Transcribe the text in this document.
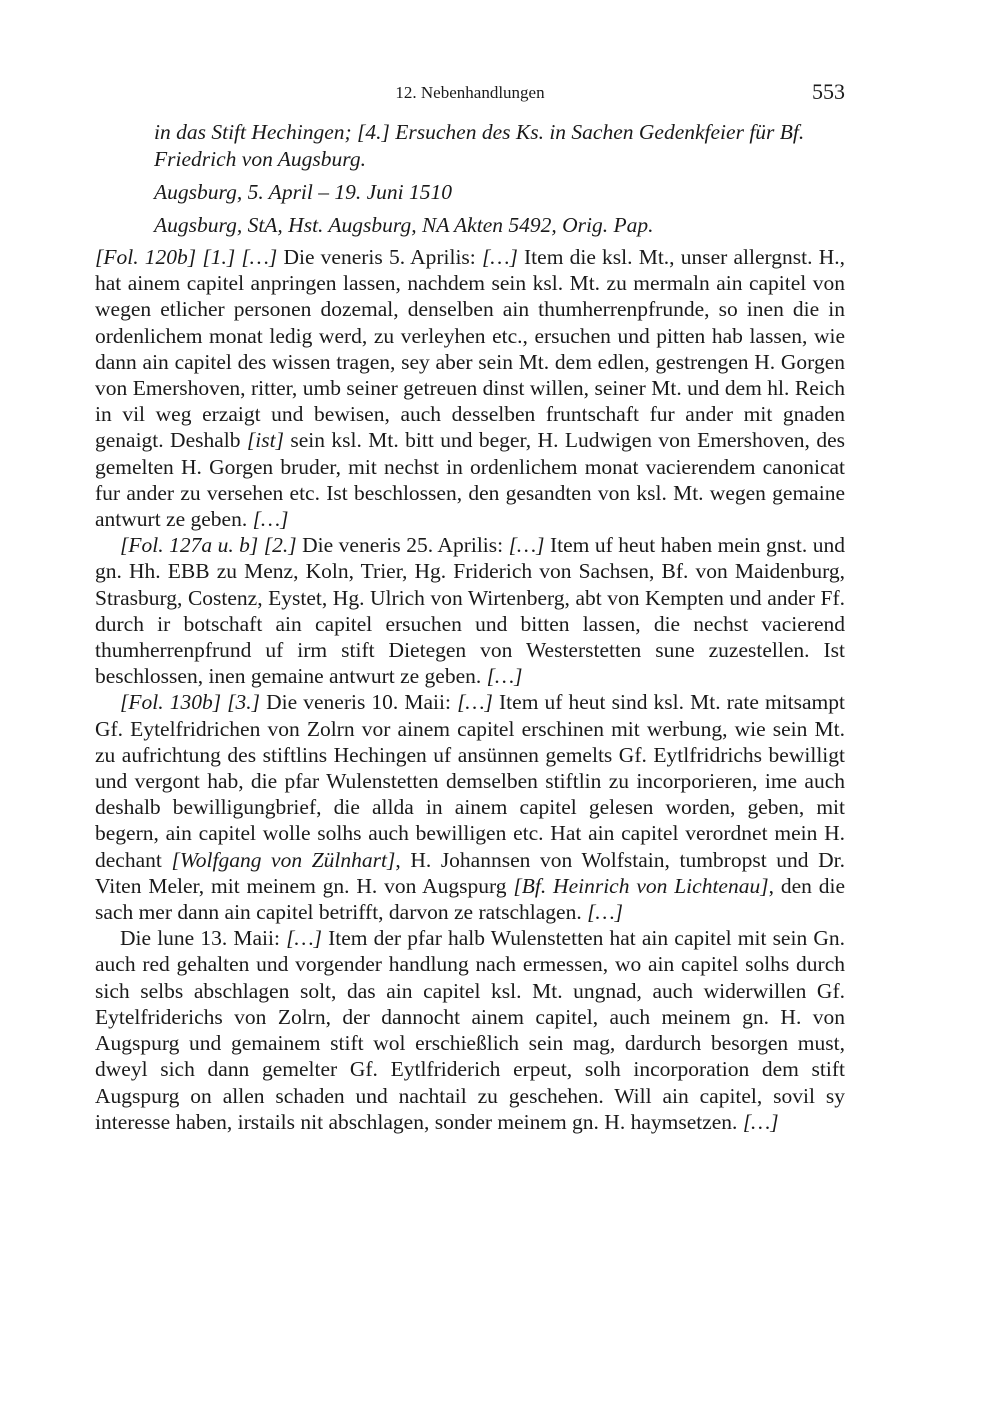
12. Nebenhandlungen	553

in das Stift Hechingen; [4.] Ersuchen des Ks. in Sachen Gedenkfeier für Bf. Friedrich von Augsburg.

Augsburg, 5. April – 19. Juni 1510

Augsburg, StA, Hst. Augsburg, NA Akten 5492, Orig. Pap.

[Fol. 120b] [1.] […] Die veneris 5. Aprilis: […] Item die ksl. Mt., unser allergnst. H., hat ainem capitel anpringen lassen, nachdem sein ksl. Mt. zu mermaln ain capitel von wegen etlicher personen dozemal, denselben ain thumherrenpfrunde, so inen die in ordenlichem monat ledig werd, zu verleyhen etc., ersuchen und pitten hab lassen, wie dann ain capitel des wissen tragen, sey aber sein Mt. dem edlen, gestrengen H. Gorgen von Emershoven, ritter, umb seiner getreuen dinst willen, seiner Mt. und dem hl. Reich in vil weg erzaigt und bewisen, auch desselben fruntschaft fur ander mit gnaden genaigt. Deshalb [ist] sein ksl. Mt. bitt und beger, H. Ludwigen von Emershoven, des gemelten H. Gorgen bruder, mit nechst in ordenlichem monat vacierendem canonicat fur ander zu versehen etc. Ist beschlossen, den gesandten von ksl. Mt. wegen gemaine antwurt ze geben. […]

[Fol. 127a u. b] [2.] Die veneris 25. Aprilis: […] Item uf heut haben mein gnst. und gn. Hh. EBB zu Menz, Koln, Trier, Hg. Friderich von Sachsen, Bf. von Maidenburg, Strasburg, Costenz, Eystet, Hg. Ulrich von Wirtenberg, abt von Kempten und ander Ff. durch ir botschaft ain capitel ersuchen und bitten lassen, die nechst vacierend thumherrenpfrund uf irm stift Dietegen von Westerstetten sune zuzestellen. Ist beschlossen, inen gemaine antwurt ze geben. […]

[Fol. 130b] [3.] Die veneris 10. Maii: […] Item uf heut sind ksl. Mt. rate mitsampt Gf. Eytelfridrichen von Zolrn vor ainem capitel erschinen mit werbung, wie sein Mt. zu aufrichtung des stiftlins Hechingen uf ansünnen gemelts Gf. Eytlfridrichs bewilligt und vergont hab, die pfar Wulenstetten demselben stiftlin zu incorporieren, ime auch deshalb bewilligungbrief, die allda in ainem capitel gelesen worden, geben, mit begern, ain capitel wolle solhs auch bewilligen etc. Hat ain capitel verordnet mein H. dechant [Wolfgang von Zülnhart], H. Johannsen von Wolfstain, tumbropst und Dr. Viten Meler, mit meinem gn. H. von Augspurg [Bf. Heinrich von Lichtenau], den die sach mer dann ain capitel betrifft, darvon ze ratschlagen. […]

Die lune 13. Maii: […] Item der pfar halb Wulenstetten hat ain capitel mit sein Gn. auch red gehalten und vorgender handlung nach ermessen, wo ain capitel solhs durch sich selbs abschlagen solt, das ain capitel ksl. Mt. ungnad, auch widerwillen Gf. Eytelfriderichs von Zolrn, der dannocht ainem capitel, auch meinem gn. H. von Augspurg und gemainem stift wol erschießlich sein mag, dardurch besorgen must, dweyl sich dann gemelter Gf. Eytlfriderich erpeut, solh incorporation dem stift Augspurg on allen schaden und nachtail zu geschehen. Will ain capitel, sovil sy interesse haben, irstails nit abschlagen, sonder meinem gn. H. haymsetzen. […]
